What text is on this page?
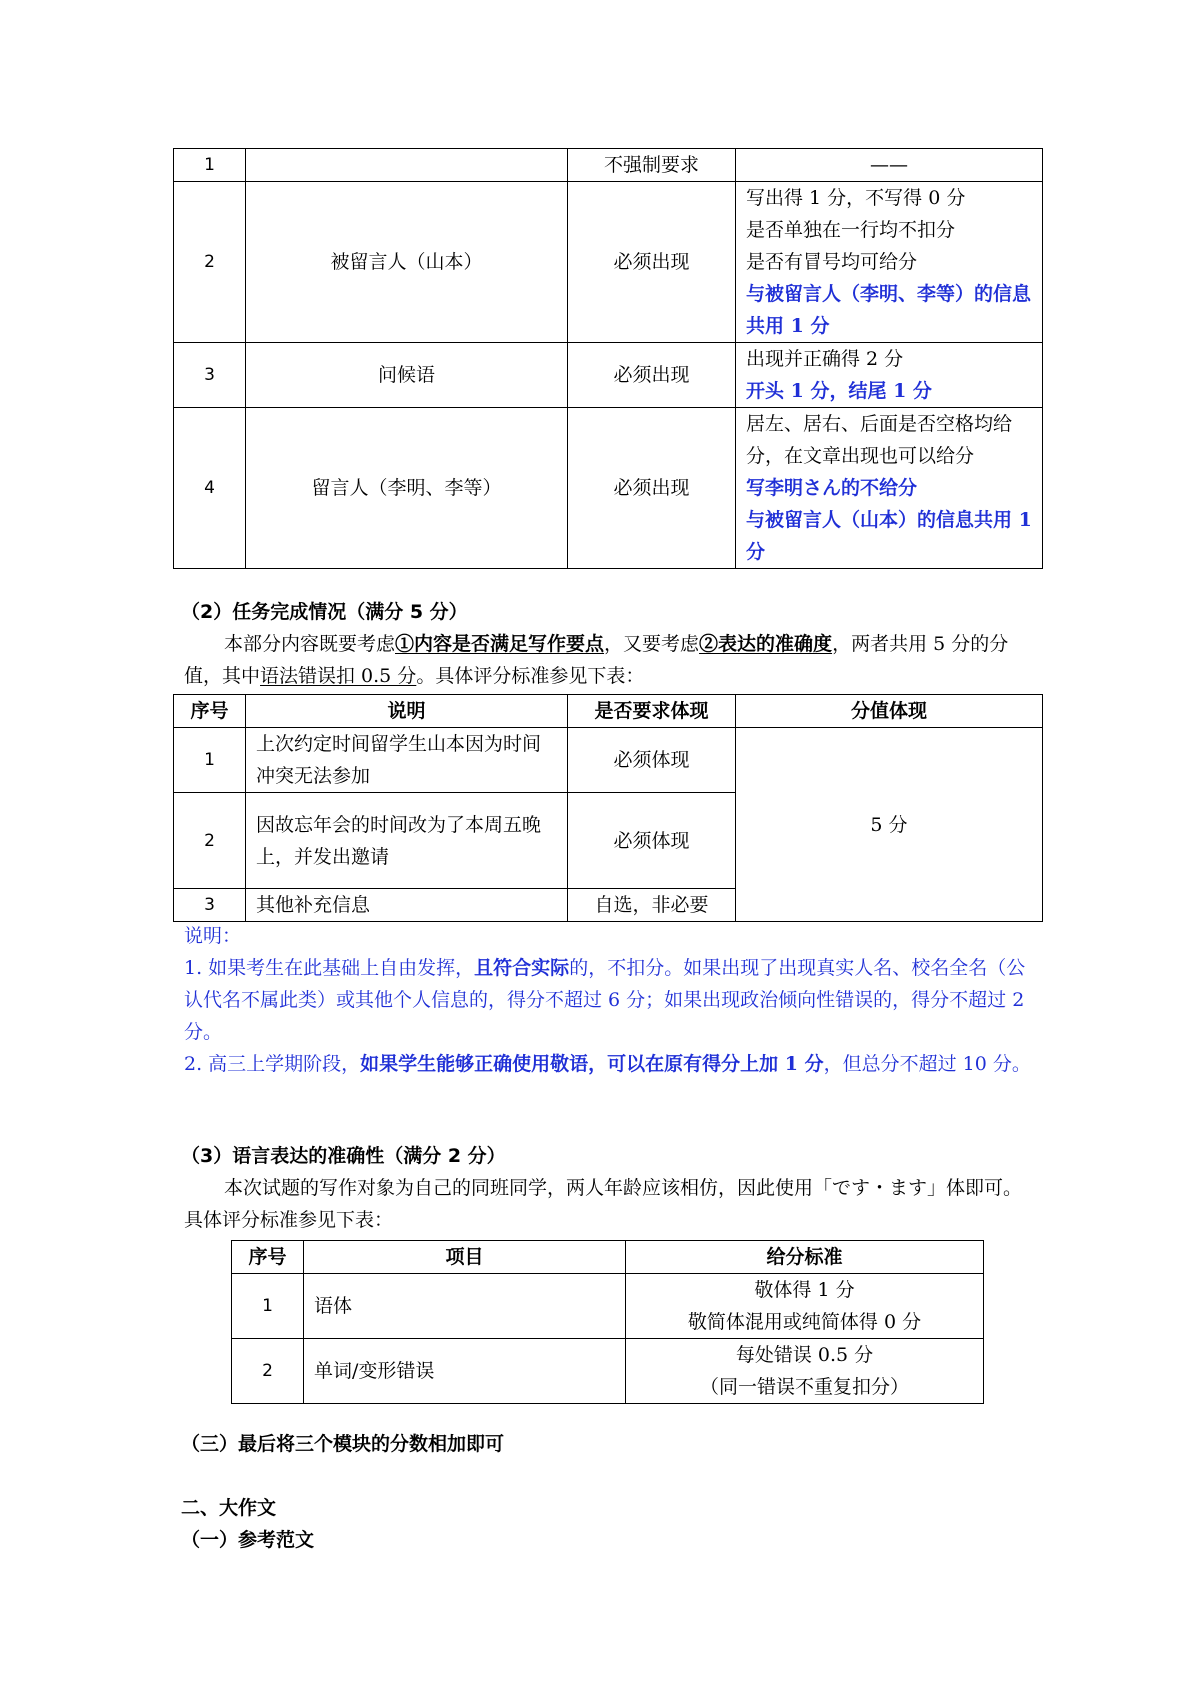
1		不强制要求	——
2	被留言人（山本）	必须出现	写出得 1 分，不写得 0 分
是否单独在一行均不扣分
是否有冒号均可给分
与被留言人（李明、李等）的信息共用 1 分

3	问候语	必须出现	出现并正确得 2 分
开头 1 分，结尾 1 分

4	留言人（李明、李等）	必须出现	居左、居右、后面是否空格均给分，在文章出现也可以给分
写李明さん的不给分
与被留言人（山本）的信息共用 1 分
（2）任务完成情况（满分 5 分）
本部分内容既要考虑①内容是否满足写作要点，又要考虑②表达的准确度，两者共用 5 分的分值，其中语法错误扣 0.5 分。具体评分标准参见下表：
序号	说明	是否要求体现	分值体现
1	上次约定时间留学生山本因为时间冲突无法参加	必须体现	5 分
2	因故忘年会的时间改为了本周五晚上，并发出邀请	必须体现	
3	其他补充信息	自选，非必要	
说明：
1. 如果考生在此基础上自由发挥，且符合实际的，不扣分。如果出现了出现真实人名、校名全名（公认代名不属此类）或其他个人信息的，得分不超过 6 分；如果出现政治倾向性错误的，得分不超过 2 分。
2. 高三上学期阶段，如果学生能够正确使用敬语，可以在原有得分上加 1 分，但总分不超过 10 分。
（3）语言表达的准确性（满分 2 分）
本次试题的写作对象为自己的同班同学，两人年龄应该相仿，因此使用「です・ます」体即可。具体评分标准参见下表：
序号	项目	给分标准
1	语体	敬体得 1 分
敬简体混用或纯简体得 0 分

2	单词/变形错误	每处错误 0.5 分
（同一错误不重复扣分）
（三）最后将三个模块的分数相加即可
二、大作文
（一）参考范文
